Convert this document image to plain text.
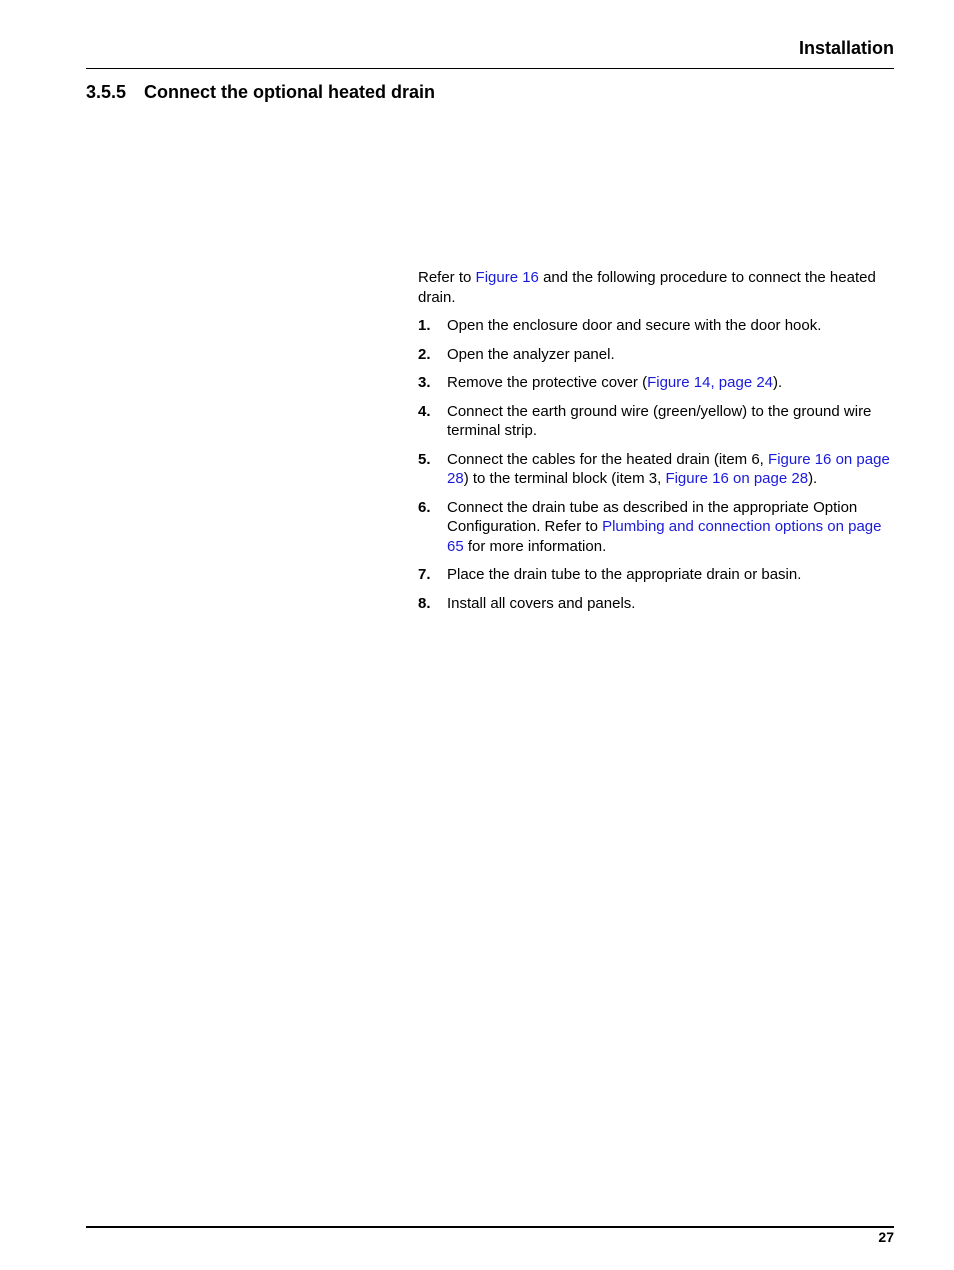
Installation
3.5.5 Connect the optional heated drain

Refer to Figure 16 and the following procedure to connect the heated drain.

1. Open the enclosure door and secure with the door hook.
2. Open the analyzer panel.
3. Remove the protective cover (Figure 14, page 24).
4. Connect the earth ground wire (green/yellow) to the ground wire terminal strip.
5. Connect the cables for the heated drain (item 6, Figure 16 on page 28) to the terminal block (item 3, Figure 16 on page 28).
6. Connect the drain tube as described in the appropriate Option Configuration. Refer to Plumbing and connection options on page 65 for more information.
7. Place the drain tube to the appropriate drain or basin.
8. Install all covers and panels.
27
